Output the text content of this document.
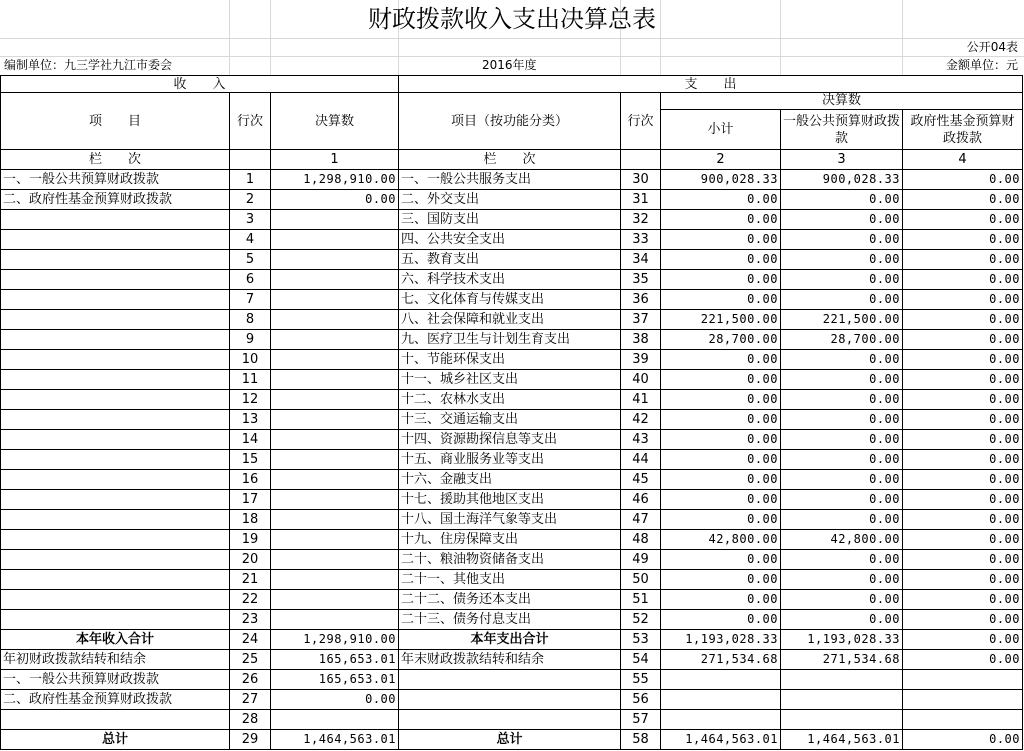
财政拨款收入支出决算总表
公开04表
编制单位：九三学社九江市委会	2016年度	金额单位：元
收　　入			支　　出				
项　　目	行次	决算数	项目（按功能分类）	行次	决算数		
					小计	一般公共预算财政拨款	政府性基金预算财政拨款
栏　　次		1	栏　　次		2	3	4
一、一般公共预算财政拨款	1	1,298,910.00	一、一般公共服务支出	30	900,028.33	900,028.33	0.00
二、政府性基金预算财政拨款	2	0.00	二、外交支出	31	0.00	0.00	0.00
	3		三、国防支出	32	0.00	0.00	0.00
	4		四、公共安全支出	33	0.00	0.00	0.00
	5		五、教育支出	34	0.00	0.00	0.00
	6		六、科学技术支出	35	0.00	0.00	0.00
	7		七、文化体育与传媒支出	36	0.00	0.00	0.00
	8		八、社会保障和就业支出	37	221,500.00	221,500.00	0.00
	9		九、医疗卫生与计划生育支出	38	28,700.00	28,700.00	0.00
	10		十、节能环保支出	39	0.00	0.00	0.00
	11		十一、城乡社区支出	40	0.00	0.00	0.00
	12		十二、农林水支出	41	0.00	0.00	0.00
	13		十三、交通运输支出	42	0.00	0.00	0.00
	14		十四、资源勘探信息等支出	43	0.00	0.00	0.00
	15		十五、商业服务业等支出	44	0.00	0.00	0.00
	16		十六、金融支出	45	0.00	0.00	0.00
	17		十七、援助其他地区支出	46	0.00	0.00	0.00
	18		十八、国土海洋气象等支出	47	0.00	0.00	0.00
	19		十九、住房保障支出	48	42,800.00	42,800.00	0.00
	20		二十、粮油物资储备支出	49	0.00	0.00	0.00
	21		二十一、其他支出	50	0.00	0.00	0.00
	22		二十二、债务还本支出	51	0.00	0.00	0.00
	23		二十三、债务付息支出	52	0.00	0.00	0.00
本年收入合计	24	1,298,910.00	本年支出合计	53	1,193,028.33	1,193,028.33	0.00
年初财政拨款结转和结余	25	165,653.01	年末财政拨款结转和结余	54	271,534.68	271,534.68	0.00
一、一般公共预算财政拨款	26	165,653.01		55			
二、政府性基金预算财政拨款	27	0.00		56			
	28			57			
总计	29	1,464,563.01	总计	58	1,464,563.01	1,464,563.01	0.00
